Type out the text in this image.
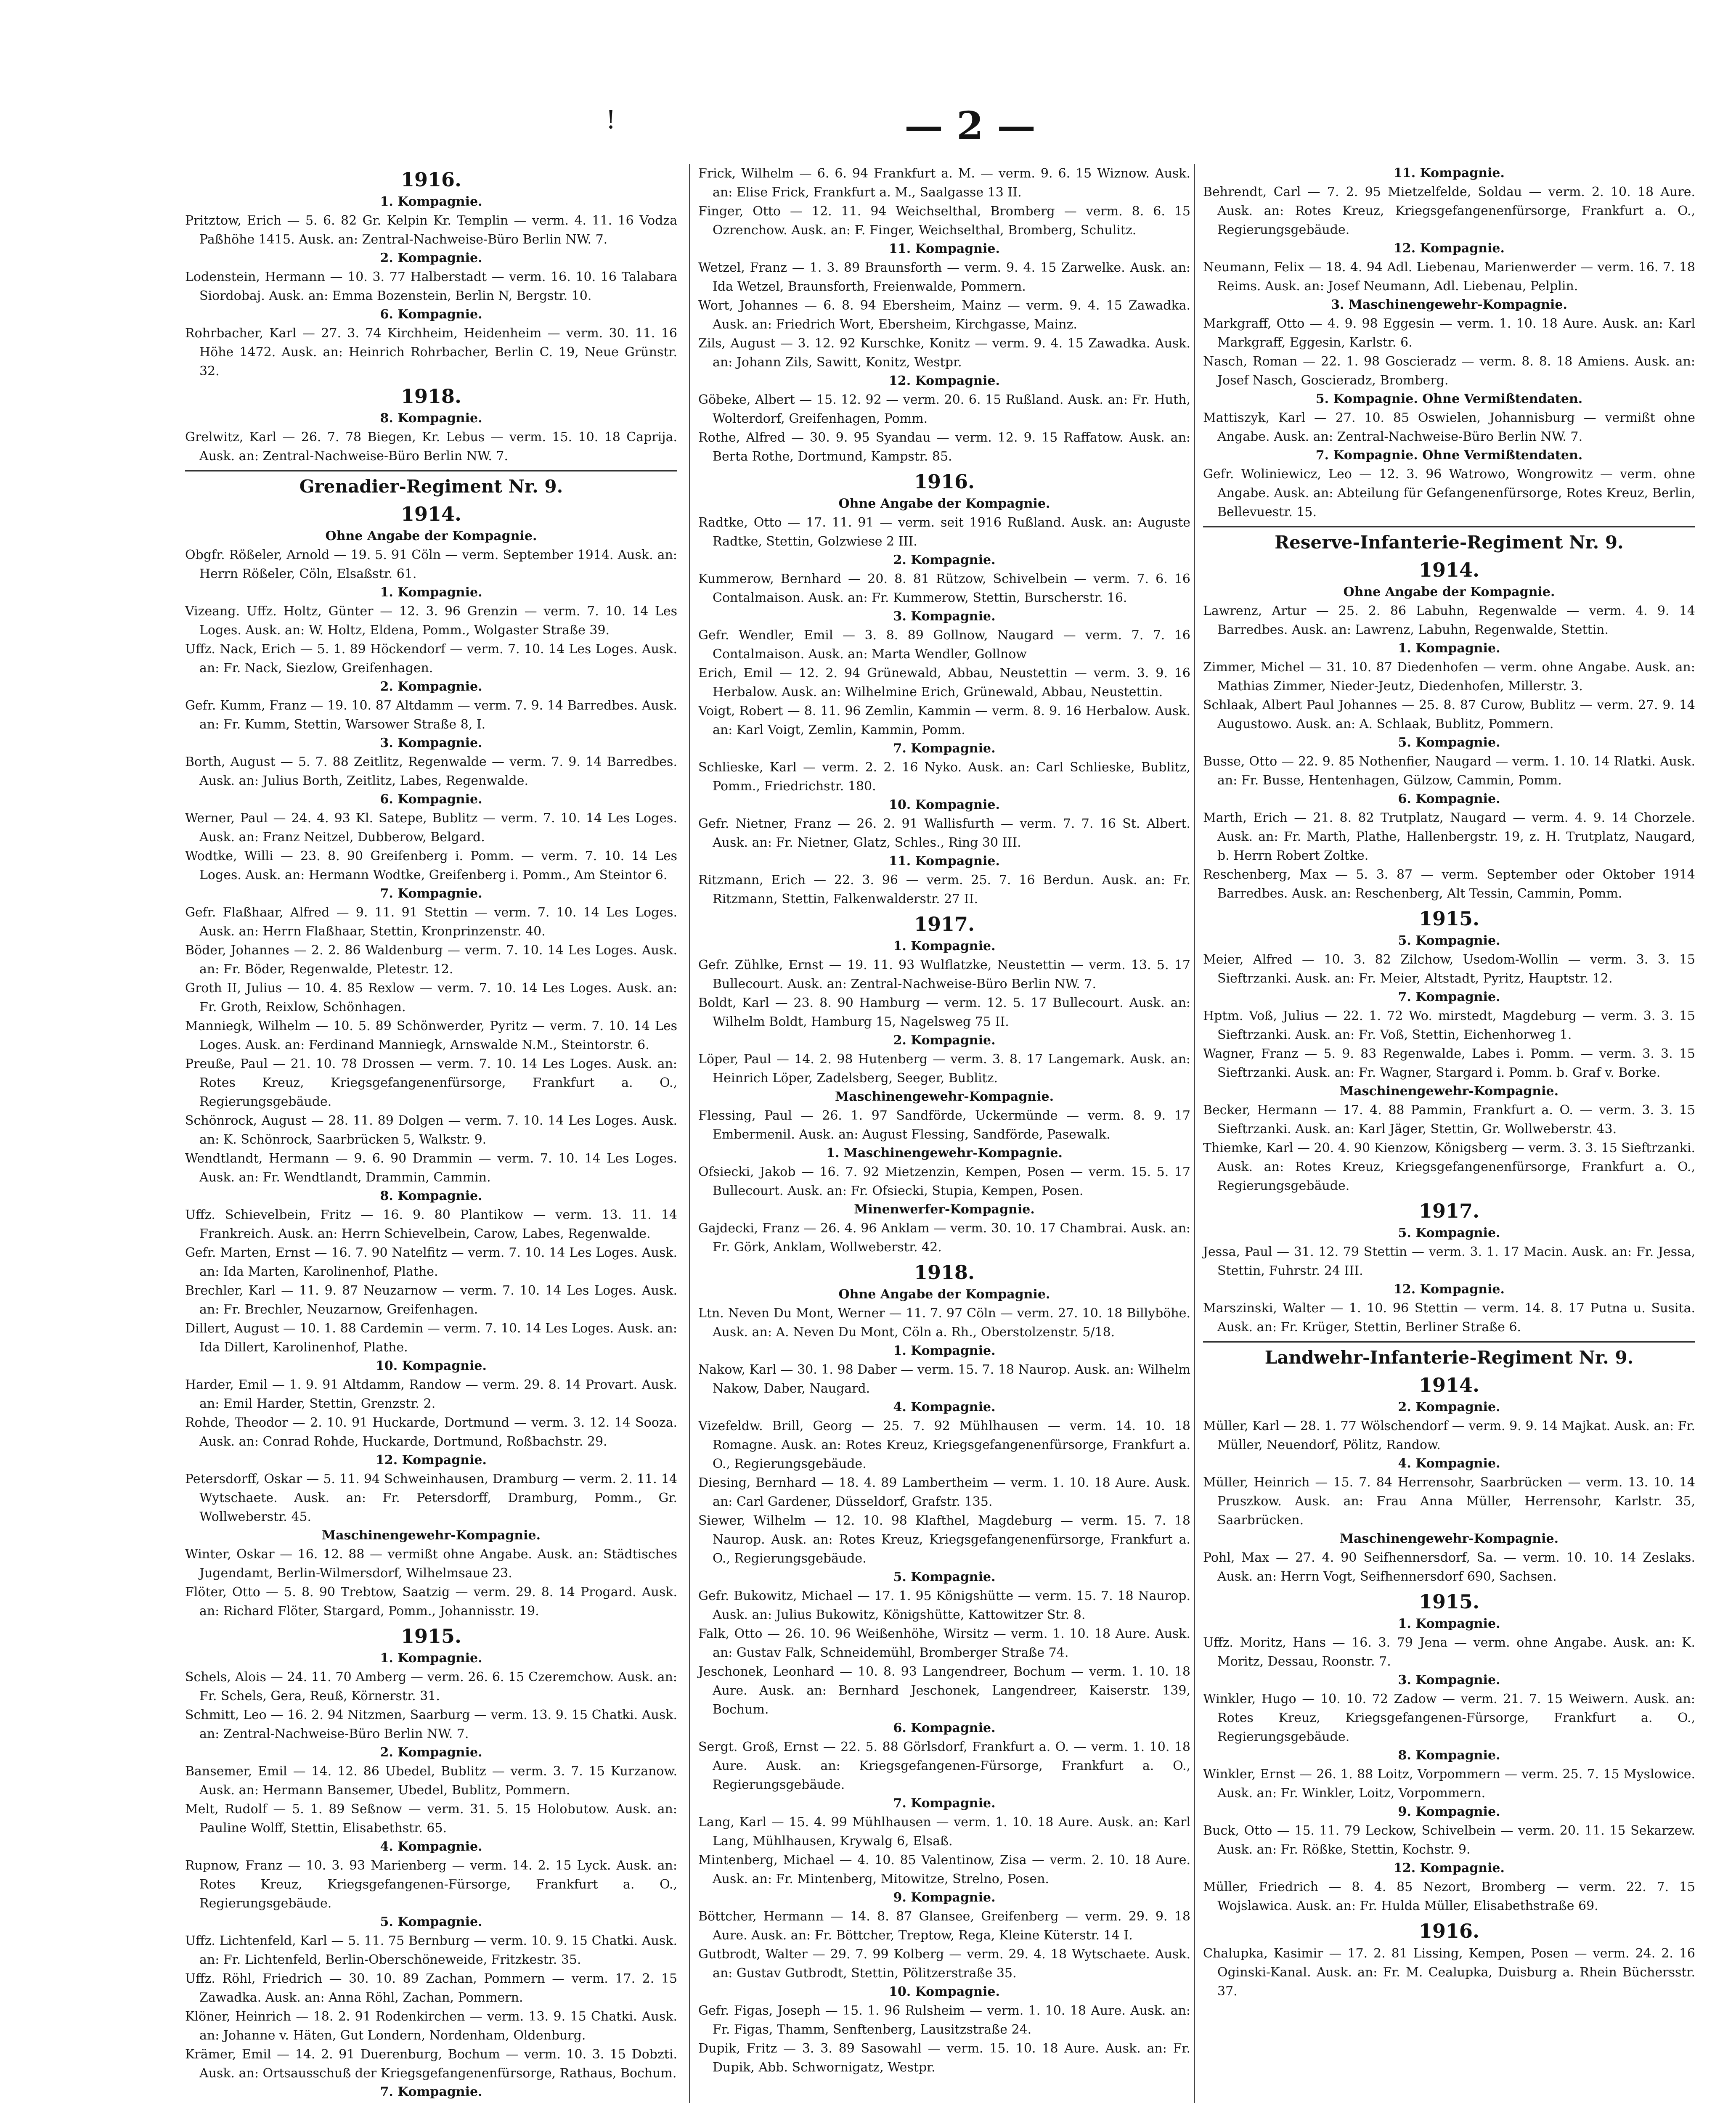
!	— 2 —
1916.
1. Kompagnie.
Pritztow, Erich — 5. 6. 82 Gr. Kelpin Kr. Templin — verm. 4. 11. 16 Vodza Paßhöhe 1415. Ausk. an: Zentral-Nachweise-Büro Berlin NW. 7.
2. Kompagnie.
Lodenstein, Hermann — 10. 3. 77 Halberstadt — verm. 16. 10. 16 Talabara Siordobaj. Ausk. an: Emma Bozenstein, Berlin N, Bergstr. 10.
6. Kompagnie.
Rohrbacher, Karl — 27. 3. 74 Kirchheim, Heidenheim — verm. 30. 11. 16 Höhe 1472. Ausk. an: Heinrich Rohrbacher, Berlin C. 19, Neue Grünstr. 32.
1918.
8. Kompagnie.
Grelwitz, Karl — 26. 7. 78 Biegen, Kr. Lebus — verm. 15. 10. 18 Caprija. Ausk. an: Zentral-Nachweise-Büro Berlin NW. 7.
Grenadier-Regiment Nr. 9.
1914.
Ohne Angabe der Kompagnie.
Obgfr. Rößeler, Arnold — 19. 5. 91 Cöln — verm. September 1914. Ausk. an: Herrn Rößeler, Cöln, Elsaßstr. 61.
1. Kompagnie.
Vizeang. Uffz. Holtz, Günter — 12. 3. 96 Grenzin — verm. 7. 10. 14 Les Loges. Ausk. an: W. Holtz, Eldena, Pomm., Wolgaster Straße 39.
Uffz. Nack, Erich — 5. 1. 89 Höckendorf — verm. 7. 10. 14 Les Loges. Ausk. an: Fr. Nack, Siezlow, Greifenhagen.
2. Kompagnie.
Gefr. Kumm, Franz — 19. 10. 87 Altdamm — verm. 7. 9. 14 Barredbes. Ausk. an: Fr. Kumm, Stettin, Warsower Straße 8, I.
3. Kompagnie.
Borth, August — 5. 7. 88 Zeitlitz, Regenwalde — verm. 7. 9. 14 Barredbes. Ausk. an: Julius Borth, Zeitlitz, Labes, Regenwalde.
6. Kompagnie.
Werner, Paul — 24. 4. 93 Kl. Satepe, Bublitz — verm. 7. 10. 14 Les Loges. Ausk. an: Franz Neitzel, Dubberow, Belgard.
Wodtke, Willi — 23. 8. 90 Greifenberg i. Pomm. — verm. 7. 10. 14 Les Loges. Ausk. an: Hermann Wodtke, Greifenberg i. Pomm., Am Steintor 6.
7. Kompagnie.
Gefr. Flaßhaar, Alfred — 9. 11. 91 Stettin — verm. 7. 10. 14 Les Loges. Ausk. an: Herrn Flaßhaar, Stettin, Kronprinzenstr. 40.
Böder, Johannes — 2. 2. 86 Waldenburg — verm. 7. 10. 14 Les Loges. Ausk. an: Fr. Böder, Regenwalde, Pletestr. 12.
Groth II, Julius — 10. 4. 85 Rexlow — verm. 7. 10. 14 Les Loges. Ausk. an: Fr. Groth, Reixlow, Schönhagen.
Manniegk, Wilhelm — 10. 5. 89 Schönwerder, Pyritz — verm. 7. 10. 14 Les Loges. Ausk. an: Ferdinand Manniegk, Arnswalde N.M., Steintorstr. 6.
Preuße, Paul — 21. 10. 78 Drossen — verm. 7. 10. 14 Les Loges. Ausk. an: Rotes Kreuz, Kriegsgefangenenfürsorge, Frankfurt a. O., Regierungsgebäude.
Schönrock, August — 28. 11. 89 Dolgen — verm. 7. 10. 14 Les Loges. Ausk. an: K. Schönrock, Saarbrücken 5, Walkstr. 9.
Wendtlandt, Hermann — 9. 6. 90 Drammin — verm. 7. 10. 14 Les Loges. Ausk. an: Fr. Wendtlandt, Drammin, Cammin.
8. Kompagnie.
Uffz. Schievelbein, Fritz — 16. 9. 80 Plantikow — verm. 13. 11. 14 Frankreich. Ausk. an: Herrn Schievelbein, Carow, Labes, Regenwalde.
Gefr. Marten, Ernst — 16. 7. 90 Natelfitz — verm. 7. 10. 14 Les Loges. Ausk. an: Ida Marten, Karolinenhof, Plathe.
Brechler, Karl — 11. 9. 87 Neuzarnow — verm. 7. 10. 14 Les Loges. Ausk. an: Fr. Brechler, Neuzarnow, Greifenhagen.
Dillert, August — 10. 1. 88 Cardemin — verm. 7. 10. 14 Les Loges. Ausk. an: Ida Dillert, Karolinenhof, Plathe.
10. Kompagnie.
Harder, Emil — 1. 9. 91 Altdamm, Randow — verm. 29. 8. 14 Provart. Ausk. an: Emil Harder, Stettin, Grenzstr. 2.
Rohde, Theodor — 2. 10. 91 Huckarde, Dortmund — verm. 3. 12. 14 Sooza. Ausk. an: Conrad Rohde, Huckarde, Dortmund, Roßbachstr. 29.
12. Kompagnie.
Petersdorff, Oskar — 5. 11. 94 Schweinhausen, Dramburg — verm. 2. 11. 14 Wytschaete. Ausk. an: Fr. Petersdorff, Dramburg, Pomm., Gr. Wollweberstr. 45.
Maschinengewehr-Kompagnie.
Winter, Oskar — 16. 12. 88 — vermißt ohne Angabe. Ausk. an: Städtisches Jugendamt, Berlin-Wilmersdorf, Wilhelmsaue 23.
Flöter, Otto — 5. 8. 90 Trebtow, Saatzig — verm. 29. 8. 14 Progard. Ausk. an: Richard Flöter, Stargard, Pomm., Johannisstr. 19.
1915.
1. Kompagnie.
Schels, Alois — 24. 11. 70 Amberg — verm. 26. 6. 15 Czeremchow. Ausk. an: Fr. Schels, Gera, Reuß, Körnerstr. 31.
Schmitt, Leo — 16. 2. 94 Nitzmen, Saarburg — verm. 13. 9. 15 Chatki. Ausk. an: Zentral-Nachweise-Büro Berlin NW. 7.
2. Kompagnie.
Bansemer, Emil — 14. 12. 86 Ubedel, Bublitz — verm. 3. 7. 15 Kurzanow. Ausk. an: Hermann Bansemer, Ubedel, Bublitz, Pommern.
Melt, Rudolf — 5. 1. 89 Seßnow — verm. 31. 5. 15 Holobutow. Ausk. an: Pauline Wolff, Stettin, Elisabethstr. 65.
4. Kompagnie.
Rupnow, Franz — 10. 3. 93 Marienberg — verm. 14. 2. 15 Lyck. Ausk. an: Rotes Kreuz, Kriegsgefangenen-Fürsorge, Frankfurt a. O., Regierungsgebäude.
5. Kompagnie.
Uffz. Lichtenfeld, Karl — 5. 11. 75 Bernburg — verm. 10. 9. 15 Chatki. Ausk. an: Fr. Lichtenfeld, Berlin-Oberschöneweide, Fritzkestr. 35.
Uffz. Röhl, Friedrich — 30. 10. 89 Zachan, Pommern — verm. 17. 2. 15 Zawadka. Ausk. an: Anna Röhl, Zachan, Pommern.
Klöner, Heinrich — 18. 2. 91 Rodenkirchen — verm. 13. 9. 15 Chatki. Ausk. an: Johanne v. Häten, Gut Londern, Nordenham, Oldenburg.
Krämer, Emil — 14. 2. 91 Duerenburg, Bochum — verm. 10. 3. 15 Dobzti. Ausk. an: Ortsausschuß der Kriegsgefangenenfürsorge, Rathaus, Bochum.
7. Kompagnie.
Frick, Wilhelm — 6. 6. 94 Frankfurt a. M. — verm. 9. 6. 15 Wiznow. Ausk. an: Elise Frick, Frankfurt a. M., Saalgasse 13 II.
Finger, Otto — 12. 11. 94 Weichselthal, Bromberg — verm. 8. 6. 15 Ozrenchow. Ausk. an: F. Finger, Weichselthal, Bromberg, Schulitz.
11. Kompagnie.
Wetzel, Franz — 1. 3. 89 Braunsforth — verm. 9. 4. 15 Zarwelke. Ausk. an: Ida Wetzel, Braunsforth, Freienwalde, Pommern.
Wort, Johannes — 6. 8. 94 Ebersheim, Mainz — verm. 9. 4. 15 Zawadka. Ausk. an: Friedrich Wort, Ebersheim, Kirchgasse, Mainz.
Zils, August — 3. 12. 92 Kurschke, Konitz — verm. 9. 4. 15 Zawadka. Ausk. an: Johann Zils, Sawitt, Konitz, Westpr.
12. Kompagnie.
Göbeke, Albert — 15. 12. 92 — verm. 20. 6. 15 Rußland. Ausk. an: Fr. Huth, Wolterdorf, Greifenhagen, Pomm.
Rothe, Alfred — 30. 9. 95 Syandau — verm. 12. 9. 15 Raffatow. Ausk. an: Berta Rothe, Dortmund, Kampstr. 85.
1916.
Ohne Angabe der Kompagnie.
Radtke, Otto — 17. 11. 91 — verm. seit 1916 Rußland. Ausk. an: Auguste Radtke, Stettin, Golzwiese 2 III.
2. Kompagnie.
Kummerow, Bernhard — 20. 8. 81 Rützow, Schivelbein — verm. 7. 6. 16 Contalmaison. Ausk. an: Fr. Kummerow, Stettin, Burscherstr. 16.
3. Kompagnie.
Gefr. Wendler, Emil — 3. 8. 89 Gollnow, Naugard — verm. 7. 7. 16 Contalmaison. Ausk. an: Marta Wendler, Gollnow
Erich, Emil — 12. 2. 94 Grünewald, Abbau, Neustettin — verm. 3. 9. 16 Herbalow. Ausk. an: Wilhelmine Erich, Grünewald, Abbau, Neustettin.
Voigt, Robert — 8. 11. 96 Zemlin, Kammin — verm. 8. 9. 16 Herbalow. Ausk. an: Karl Voigt, Zemlin, Kammin, Pomm.
7. Kompagnie.
Schlieske, Karl — verm. 2. 2. 16 Nyko. Ausk. an: Carl Schlieske, Bublitz, Pomm., Friedrichstr. 180.
10. Kompagnie.
Gefr. Nietner, Franz — 26. 2. 91 Wallisfurth — verm. 7. 7. 16 St. Albert. Ausk. an: Fr. Nietner, Glatz, Schles., Ring 30 III.
11. Kompagnie.
Ritzmann, Erich — 22. 3. 96 — verm. 25. 7. 16 Berdun. Ausk. an: Fr. Ritzmann, Stettin, Falkenwalderstr. 27 II.
1917.
1. Kompagnie.
Gefr. Zühlke, Ernst — 19. 11. 93 Wulflatzke, Neustettin — verm. 13. 5. 17 Bullecourt. Ausk. an: Zentral-Nachweise-Büro Berlin NW. 7.
Boldt, Karl — 23. 8. 90 Hamburg — verm. 12. 5. 17 Bullecourt. Ausk. an: Wilhelm Boldt, Hamburg 15, Nagelsweg 75 II.
2. Kompagnie.
Löper, Paul — 14. 2. 98 Hutenberg — verm. 3. 8. 17 Langemark. Ausk. an: Heinrich Löper, Zadelsberg, Seeger, Bublitz.
Maschinengewehr-Kompagnie.
Flessing, Paul — 26. 1. 97 Sandförde, Uckermünde — verm. 8. 9. 17 Embermenil. Ausk. an: August Flessing, Sandförde, Pasewalk.
1. Maschinengewehr-Kompagnie.
Ofsiecki, Jakob — 16. 7. 92 Mietzenzin, Kempen, Posen — verm. 15. 5. 17 Bullecourt. Ausk. an: Fr. Ofsiecki, Stupia, Kempen, Posen.
Minenwerfer-Kompagnie.
Gajdecki, Franz — 26. 4. 96 Anklam — verm. 30. 10. 17 Chambrai. Ausk. an: Fr. Görk, Anklam, Wollweberstr. 42.
1918.
Ohne Angabe der Kompagnie.
Ltn. Neven Du Mont, Werner — 11. 7. 97 Cöln — verm. 27. 10. 18 Billyböhe. Ausk. an: A. Neven Du Mont, Cöln a. Rh., Oberstolzenstr. 5/18.
1. Kompagnie.
Nakow, Karl — 30. 1. 98 Daber — verm. 15. 7. 18 Naurop. Ausk. an: Wilhelm Nakow, Daber, Naugard.
4. Kompagnie.
Vizefeldw. Brill, Georg — 25. 7. 92 Mühlhausen — verm. 14. 10. 18 Romagne. Ausk. an: Rotes Kreuz, Kriegsgefangenenfürsorge, Frankfurt a. O., Regierungsgebäude.
Diesing, Bernhard — 18. 4. 89 Lambertheim — verm. 1. 10. 18 Aure. Ausk. an: Carl Gardener, Düsseldorf, Grafstr. 135.
Siewer, Wilhelm — 12. 10. 98 Klafthel, Magdeburg — verm. 15. 7. 18 Naurop. Ausk. an: Rotes Kreuz, Kriegsgefangenenfürsorge, Frankfurt a. O., Regierungsgebäude.
5. Kompagnie.
Gefr. Bukowitz, Michael — 17. 1. 95 Königshütte — verm. 15. 7. 18 Naurop. Ausk. an: Julius Bukowitz, Königshütte, Kattowitzer Str. 8.
Falk, Otto — 26. 10. 96 Weißenhöhe, Wirsitz — verm. 1. 10. 18 Aure. Ausk. an: Gustav Falk, Schneidemühl, Bromberger Straße 74.
Jeschonek, Leonhard — 10. 8. 93 Langendreer, Bochum — verm. 1. 10. 18 Aure. Ausk. an: Bernhard Jeschonek, Langendreer, Kaiserstr. 139, Bochum.
6. Kompagnie.
Sergt. Groß, Ernst — 22. 5. 88 Görlsdorf, Frankfurt a. O. — verm. 1. 10. 18 Aure. Ausk. an: Kriegsgefangenen-Fürsorge, Frankfurt a. O., Regierungsgebäude.
7. Kompagnie.
Lang, Karl — 15. 4. 99 Mühlhausen — verm. 1. 10. 18 Aure. Ausk. an: Karl Lang, Mühlhausen, Krywalg 6, Elsaß.
Mintenberg, Michael — 4. 10. 85 Valentinow, Zisa — verm. 2. 10. 18 Aure. Ausk. an: Fr. Mintenberg, Mitowitze, Strelno, Posen.
9. Kompagnie.
Böttcher, Hermann — 14. 8. 87 Glansee, Greifenberg — verm. 29. 9. 18 Aure. Ausk. an: Fr. Böttcher, Treptow, Rega, Kleine Küterstr. 14 I.
Gutbrodt, Walter — 29. 7. 99 Kolberg — verm. 29. 4. 18 Wytschaete. Ausk. an: Gustav Gutbrodt, Stettin, Pölitzerstraße 35.
10. Kompagnie.
Gefr. Figas, Joseph — 15. 1. 96 Rulsheim — verm. 1. 10. 18 Aure. Ausk. an: Fr. Figas, Thamm, Senftenberg, Lausitzstraße 24.
Dupik, Fritz — 3. 3. 89 Sasowahl — verm. 15. 10. 18 Aure. Ausk. an: Fr. Dupik, Abb. Schwornigatz, Westpr.
11. Kompagnie.
Behrendt, Carl — 7. 2. 95 Mietzelfelde, Soldau — verm. 2. 10. 18 Aure. Ausk. an: Rotes Kreuz, Kriegsgefangenenfürsorge, Frankfurt a. O., Regierungsgebäude.
12. Kompagnie.
Neumann, Felix — 18. 4. 94 Adl. Liebenau, Marienwerder — verm. 16. 7. 18 Reims. Ausk. an: Josef Neumann, Adl. Liebenau, Pelplin.
3. Maschinengewehr-Kompagnie.
Markgraff, Otto — 4. 9. 98 Eggesin — verm. 1. 10. 18 Aure. Ausk. an: Karl Markgraff, Eggesin, Karlstr. 6.
Nasch, Roman — 22. 1. 98 Goscieradz — verm. 8. 8. 18 Amiens. Ausk. an: Josef Nasch, Goscieradz, Bromberg.
5. Kompagnie. Ohne Vermißtendaten.
Mattiszyk, Karl — 27. 10. 85 Oswielen, Johannisburg — vermißt ohne Angabe. Ausk. an: Zentral-Nachweise-Büro Berlin NW. 7.
7. Kompagnie. Ohne Vermißtendaten.
Gefr. Woliniewicz, Leo — 12. 3. 96 Watrowo, Wongrowitz — verm. ohne Angabe. Ausk. an: Abteilung für Gefangenenfürsorge, Rotes Kreuz, Berlin, Bellevuestr. 15.
Reserve-Infanterie-Regiment Nr. 9.
1914.
Ohne Angabe der Kompagnie.
Lawrenz, Artur — 25. 2. 86 Labuhn, Regenwalde — verm. 4. 9. 14 Barredbes. Ausk. an: Lawrenz, Labuhn, Regenwalde, Stettin.
1. Kompagnie.
Zimmer, Michel — 31. 10. 87 Diedenhofen — verm. ohne Angabe. Ausk. an: Mathias Zimmer, Nieder-Jeutz, Diedenhofen, Millerstr. 3.
Schlaak, Albert Paul Johannes — 25. 8. 87 Curow, Bublitz — verm. 27. 9. 14 Augustowo. Ausk. an: A. Schlaak, Bublitz, Pommern.
5. Kompagnie.
Busse, Otto — 22. 9. 85 Nothenfier, Naugard — verm. 1. 10. 14 Rlatki. Ausk. an: Fr. Busse, Hentenhagen, Gülzow, Cammin, Pomm.
6. Kompagnie.
Marth, Erich — 21. 8. 82 Trutplatz, Naugard — verm. 4. 9. 14 Chorzele. Ausk. an: Fr. Marth, Plathe, Hallenbergstr. 19, z. H. Trutplatz, Naugard, b. Herrn Robert Zoltke.
Reschenberg, Max — 5. 3. 87 — verm. September oder Oktober 1914 Barredbes. Ausk. an: Reschenberg, Alt Tessin, Cammin, Pomm.
1915.
5. Kompagnie.
Meier, Alfred — 10. 3. 82 Zilchow, Usedom-Wollin — verm. 3. 3. 15 Sieftrzanki. Ausk. an: Fr. Meier, Altstadt, Pyritz, Hauptstr. 12.
7. Kompagnie.
Hptm. Voß, Julius — 22. 1. 72 Wo. mirstedt, Magdeburg — verm. 3. 3. 15 Sieftrzanki. Ausk. an: Fr. Voß, Stettin, Eichenhorweg 1.
Wagner, Franz — 5. 9. 83 Regenwalde, Labes i. Pomm. — verm. 3. 3. 15 Sieftrzanki. Ausk. an: Fr. Wagner, Stargard i. Pomm. b. Graf v. Borke.
Maschinengewehr-Kompagnie.
Becker, Hermann — 17. 4. 88 Pammin, Frankfurt a. O. — verm. 3. 3. 15 Sieftrzanki. Ausk. an: Karl Jäger, Stettin, Gr. Wollweberstr. 43.
Thiemke, Karl — 20. 4. 90 Kienzow, Königsberg — verm. 3. 3. 15 Sieftrzanki. Ausk. an: Rotes Kreuz, Kriegsgefangenenfürsorge, Frankfurt a. O., Regierungsgebäude.
1917.
5. Kompagnie.
Jessa, Paul — 31. 12. 79 Stettin — verm. 3. 1. 17 Macin. Ausk. an: Fr. Jessa, Stettin, Fuhrstr. 24 III.
12. Kompagnie.
Marszinski, Walter — 1. 10. 96 Stettin — verm. 14. 8. 17 Putna u. Susita. Ausk. an: Fr. Krüger, Stettin, Berliner Straße 6.
Landwehr-Infanterie-Regiment Nr. 9.
1914.
2. Kompagnie.
Müller, Karl — 28. 1. 77 Wölschendorf — verm. 9. 9. 14 Majkat. Ausk. an: Fr. Müller, Neuendorf, Pölitz, Randow.
4. Kompagnie.
Müller, Heinrich — 15. 7. 84 Herrensohr, Saarbrücken — verm. 13. 10. 14 Pruszkow. Ausk. an: Frau Anna Müller, Herrensohr, Karlstr. 35, Saarbrücken.
Maschinengewehr-Kompagnie.
Pohl, Max — 27. 4. 90 Seifhennersdorf, Sa. — verm. 10. 10. 14 Zeslaks. Ausk. an: Herrn Vogt, Seifhennersdorf 690, Sachsen.
1915.
1. Kompagnie.
Uffz. Moritz, Hans — 16. 3. 79 Jena — verm. ohne Angabe. Ausk. an: K. Moritz, Dessau, Roonstr. 7.
3. Kompagnie.
Winkler, Hugo — 10. 10. 72 Zadow — verm. 21. 7. 15 Weiwern. Ausk. an: Rotes Kreuz, Kriegsgefangenen-Fürsorge, Frankfurt a. O., Regierungsgebäude.
8. Kompagnie.
Winkler, Ernst — 26. 1. 88 Loitz, Vorpommern — verm. 25. 7. 15 Myslowice. Ausk. an: Fr. Winkler, Loitz, Vorpommern.
9. Kompagnie.
Buck, Otto — 15. 11. 79 Leckow, Schivelbein — verm. 20. 11. 15 Sekarzew. Ausk. an: Fr. Rößke, Stettin, Kochstr. 9.
12. Kompagnie.
Müller, Friedrich — 8. 4. 85 Nezort, Bromberg — verm. 22. 7. 15 Wojslawica. Ausk. an: Fr. Hulda Müller, Elisabethstraße 69.
1916.
Chalupka, Kasimir — 17. 2. 81 Lissing, Kempen, Posen — verm. 24. 2. 16 Oginski-Kanal. Ausk. an: Fr. M. Cealupka, Duisburg a. Rhein Büchersstr. 37.
